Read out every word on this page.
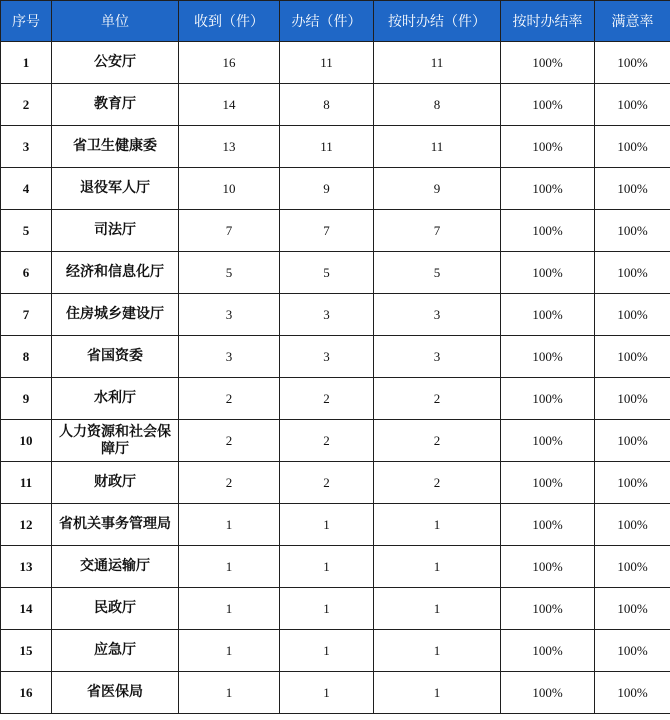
序号	单位	收到（件）	办结（件）	按时办结（件）	按时办结率	满意率
1	公安厅	16	11	11	100%	100%
2	教育厅	14	8	8	100%	100%
3	省卫生健康委	13	11	11	100%	100%
4	退役军人厅	10	9	9	100%	100%
5	司法厅	7	7	7	100%	100%
6	经济和信息化厅	5	5	5	100%	100%
7	住房城乡建设厅	3	3	3	100%	100%
8	省国资委	3	3	3	100%	100%
9	水利厅	2	2	2	100%	100%
10	人力资源和社会保障厅	2	2	2	100%	100%
11	财政厅	2	2	2	100%	100%
12	省机关事务管理局	1	1	1	100%	100%
13	交通运输厅	1	1	1	100%	100%
14	民政厅	1	1	1	100%	100%
15	应急厅	1	1	1	100%	100%
16	省医保局	1	1	1	100%	100%
